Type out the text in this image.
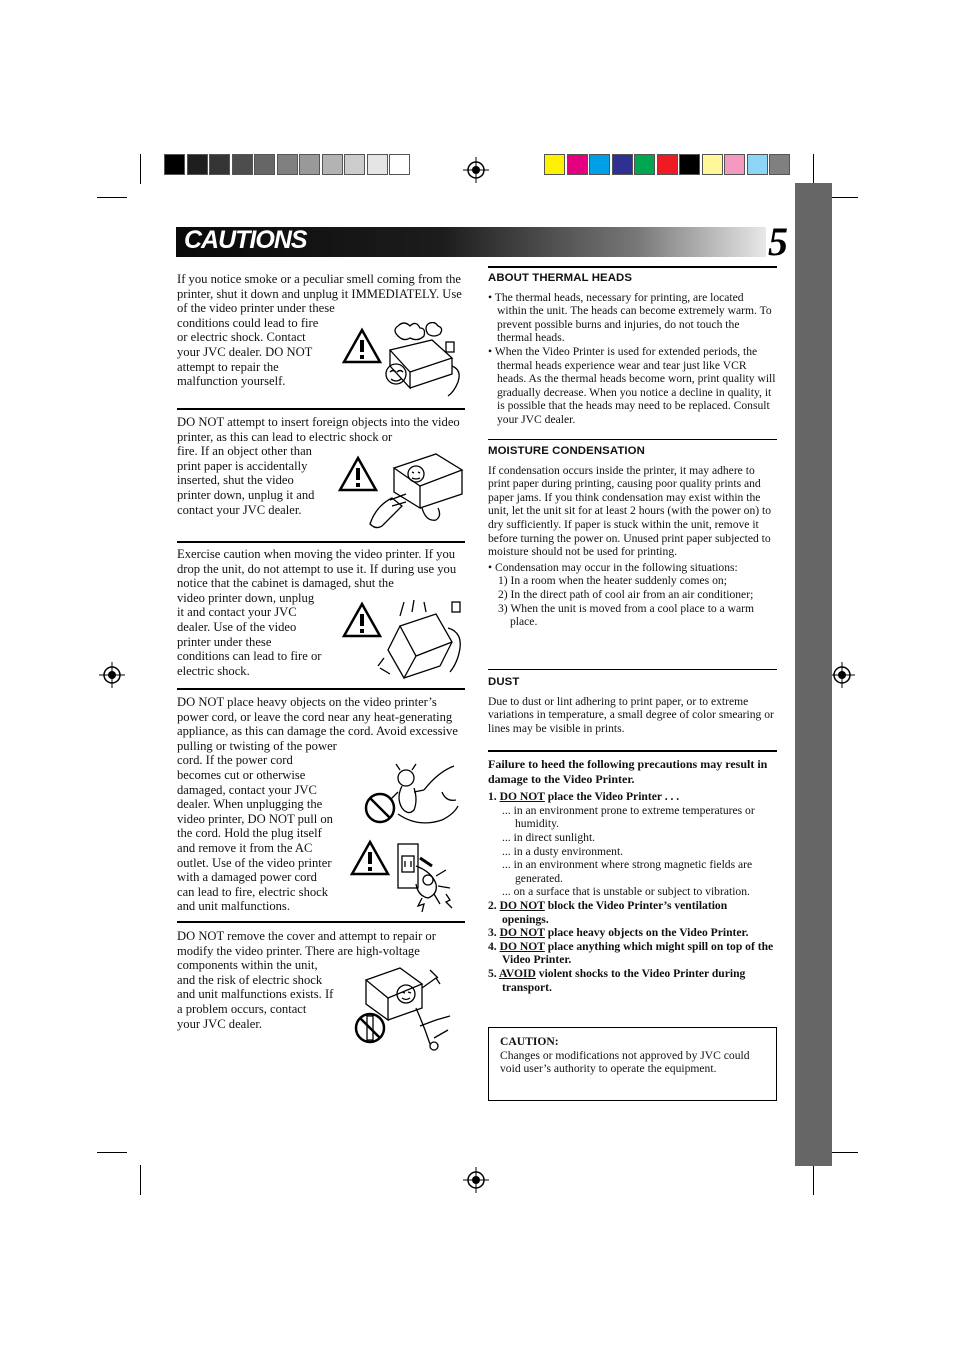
CAUTIONS	5

If you notice smoke or a peculiar smell coming from the printer, shut it down and unplug it IMMEDIATELY. Use of the video printer under these

conditions could lead to fire

or electric shock. Contact

your JVC dealer. DO NOT

attempt to repair the

malfunction yourself.

DO NOT attempt to insert foreign objects into the video printer, as this can lead to electric shock or

fire. If an object other than

print paper is accidentally

inserted, shut the video

printer down, unplug it and

contact your JVC dealer.

Exercise caution when moving the video printer. If you drop the unit, do not attempt to use it. If during use you notice that the cabinet is damaged, shut the

video printer down, unplug

it and contact your JVC

dealer. Use of the video

printer under these

conditions can lead to fire or

electric shock.

DO NOT place heavy objects on the video printer’s power cord, or leave the cord near any heat-generating appliance, as this can damage the cord. Avoid excessive pulling or twisting of the power

cord. If the power cord

becomes cut or otherwise

damaged, contact your JVC

dealer. When unplugging the

video printer, DO NOT pull on

the cord. Hold the plug itself

and remove it from the AC

outlet. Use of the video printer

with a damaged power cord

can lead to fire, electric shock

and unit malfunctions.

DO NOT remove the cover and attempt to repair or modify the video printer. There are high-voltage

components within the unit,

and the risk of electric shock

and unit malfunctions exists. If

a problem occurs, contact

your JVC dealer.

ABOUT THERMAL HEADS

• The thermal heads, necessary for printing, are located within the unit. The heads can become extremely warm. To prevent possible burns and injuries, do not touch the thermal heads.

• When the Video Printer is used for extended periods, the thermal heads experience wear and tear just like VCR heads. As the thermal heads become worn, print quality will gradually decrease. When you notice a decline in quality, it is possible that the heads may need to be replaced. Consult your JVC dealer.

MOISTURE CONDENSATION

If condensation occurs inside the printer, it may adhere to print paper during printing, causing poor quality prints and paper jams. If you think condensation may exist within the unit, let the unit sit for at least 2 hours (with the power on) to dry sufficiently. If paper is stuck within the unit, remove it before turning the power on. Unused print paper subjected to moisture should not be used for printing.

• Condensation may occur in the following situations:

1) In a room when the heater suddenly comes on;

2) In the direct path of cool air from an air conditioner;

3) When the unit is moved from a cool place to a warm place.

DUST

Due to dust or lint adhering to print paper, or to extreme variations in temperature, a small degree of color smearing or lines may be visible in prints.

Failure to heed the following precautions may result in damage to the Video Printer.

1. DO NOT place the Video Printer . . .

... in an environment prone to extreme temperatures or humidity.

... in direct sunlight.

... in a dusty environment.

... in an environment where strong magnetic fields are generated.

... on a surface that is unstable or subject to vibration.

2. DO NOT block the Video Printer’s ventilation openings.

3. DO NOT place heavy objects on the Video Printer.

4. DO NOT place anything which might spill on top of the Video Printer.

5. AVOID violent shocks to the Video Printer during transport.

CAUTION:

Changes or modifications not approved by JVC could void user’s authority to operate the equipment.
